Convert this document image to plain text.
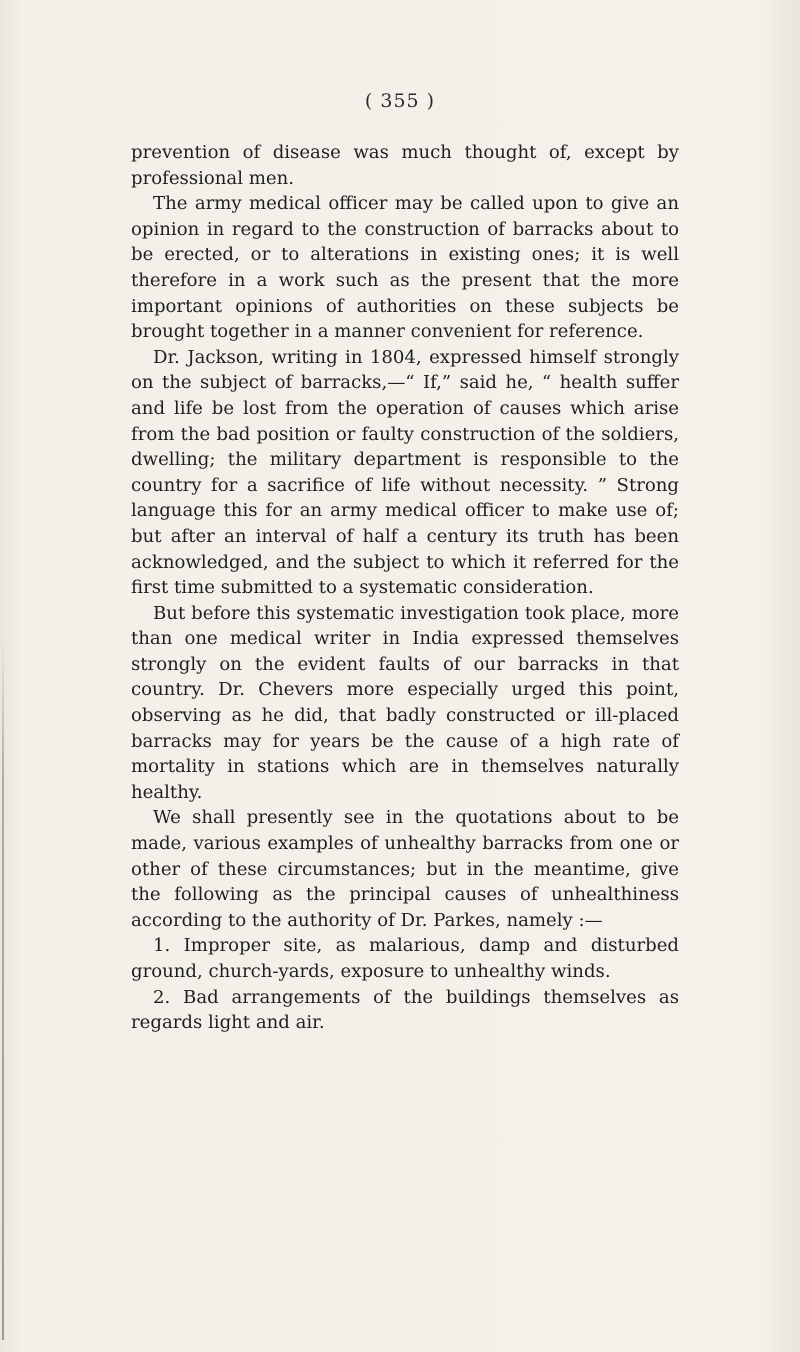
( 355 )

prevention of disease was much thought of, except by professional men.

The army medical officer may be called upon to give an opinion in regard to the construction of barracks about to be erected, or to alterations in existing ones; it is well therefore in a work such as the present that the more important opinions of authorities on these subjects be brought together in a manner convenient for reference.

Dr. Jackson, writing in 1804, expressed himself strongly on the subject of barracks,—“ If,” said he, “ health suffer and life be lost from the operation of causes which arise from the bad position or faulty construction of the soldiers, dwelling; the military department is responsible to the country for a sacrifice of life without necessity. ” Strong language this for an army medical officer to make use of; but after an interval of half a century its truth has been acknowledged, and the subject to which it referred for the first time submitted to a systematic consideration.

But before this systematic investigation took place, more than one medical writer in India expressed themselves strongly on the evident faults of our barracks in that country. Dr. Chevers more especially urged this point, observing as he did, that badly constructed or ill-placed barracks may for years be the cause of a high rate of mortality in stations which are in themselves naturally healthy.

We shall presently see in the quotations about to be made, various examples of unhealthy barracks from one or other of these circumstances; but in the meantime, give the following as the principal causes of unhealthiness according to the authority of Dr. Parkes, namely :—

1. Improper site, as malarious, damp and disturbed ground, church-yards, exposure to unhealthy winds.

2. Bad arrangements of the buildings themselves as regards light and air.
